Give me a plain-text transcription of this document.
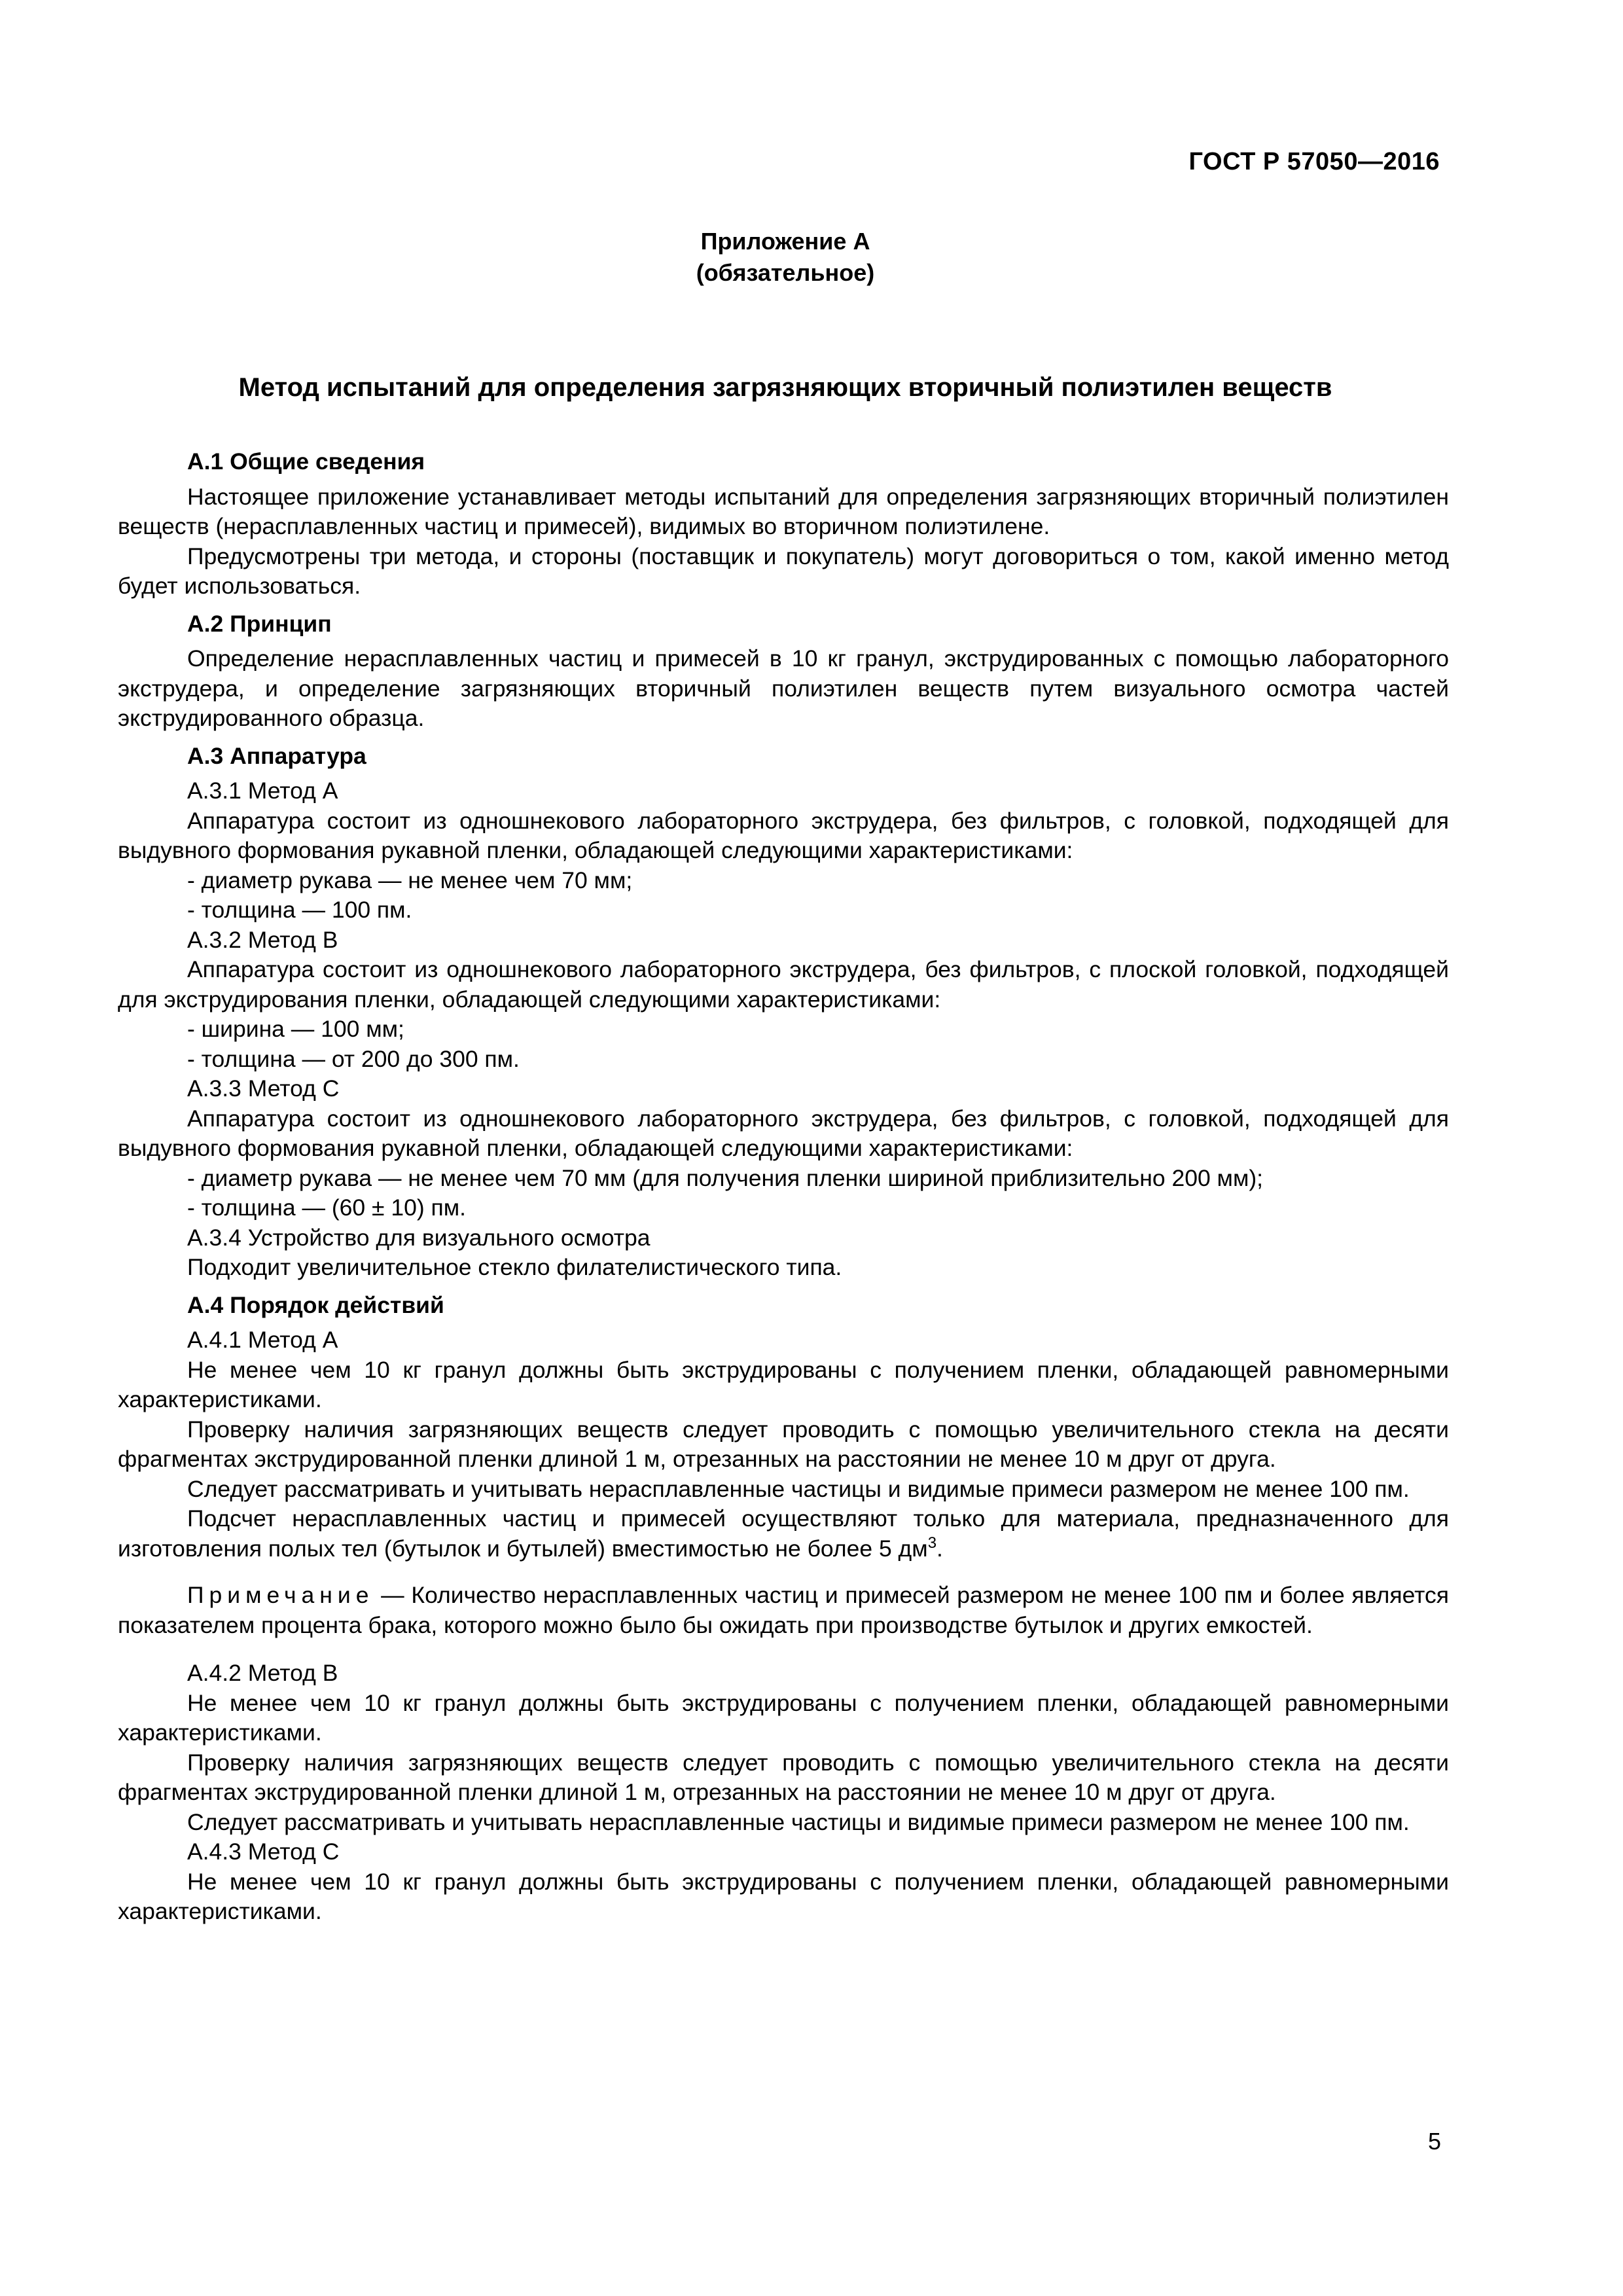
ГОСТ Р 57050—2016
Приложение А
(обязательное)
Метод испытаний для определения загрязняющих вторичный полиэтилен веществ
А.1 Общие сведения

Настоящее приложение устанавливает методы испытаний для определения загрязняющих вторичный полиэтилен веществ (нерасплавленных частиц и примесей), видимых во вторичном полиэтилене.

Предусмотрены три метода, и стороны (поставщик и покупатель) могут договориться о том, какой именно метод будет использоваться.

А.2 Принцип

Определение нерасплавленных частиц и примесей в 10 кг гранул, экструдированных с помощью лабораторного экструдера, и определение загрязняющих вторичный полиэтилен веществ путем визуального осмотра частей экструдированного образца.

А.3 Аппаратура

А.3.1 Метод А

Аппаратура состоит из одношнекового лабораторного экструдера, без фильтров, с головкой, подходящей для выдувного формования рукавной пленки, обладающей следующими характеристиками:

- диаметр рукава — не менее чем 70 мм;

- толщина — 100 пм.

А.3.2 Метод В

Аппаратура состоит из одношнекового лабораторного экструдера, без фильтров, с плоской головкой, подходящей для экструдирования пленки, обладающей следующими характеристиками:

- ширина — 100 мм;

- толщина — от 200 до 300 пм.

А.3.3 Метод С

Аппаратура состоит из одношнекового лабораторного экструдера, без фильтров, с головкой, подходящей для выдувного формования рукавной пленки, обладающей следующими характеристиками:

- диаметр рукава — не менее чем 70 мм (для получения пленки шириной приблизительно 200 мм);

- толщина — (60 ± 10) пм.

А.3.4 Устройство для визуального осмотра

Подходит увеличительное стекло филателистического типа.

А.4 Порядок действий

А.4.1 Метод А

Не менее чем 10 кг гранул должны быть экструдированы с получением пленки, обладающей равномерными характеристиками.

Проверку наличия загрязняющих веществ следует проводить с помощью увеличительного стекла на десяти фрагментах экструдированной пленки длиной 1 м, отрезанных на расстоянии не менее 10 м друг от друга.

Следует рассматривать и учитывать нерасплавленные частицы и видимые примеси размером не менее 100 пм.

Подсчет нерасплавленных частиц и примесей осуществляют только для материала, предназначенного для изготовления полых тел (бутылок и бутылей) вместимостью не более 5 $дм^3$.

Примечание — Количество нерасплавленных частиц и примесей размером не менее 100 пм и более является показателем процента брака, которого можно было бы ожидать при производстве бутылок и других емкостей.

А.4.2 Метод В

Не менее чем 10 кг гранул должны быть экструдированы с получением пленки, обладающей равномерными характеристиками.

Проверку наличия загрязняющих веществ следует проводить с помощью увеличительного стекла на десяти фрагментах экструдированной пленки длиной 1 м, отрезанных на расстоянии не менее 10 м друг от друга.

Следует рассматривать и учитывать нерасплавленные частицы и видимые примеси размером не менее 100 пм.

А.4.3 Метод С

Не менее чем 10 кг гранул должны быть экструдированы с получением пленки, обладающей равномерными характеристиками.

5
